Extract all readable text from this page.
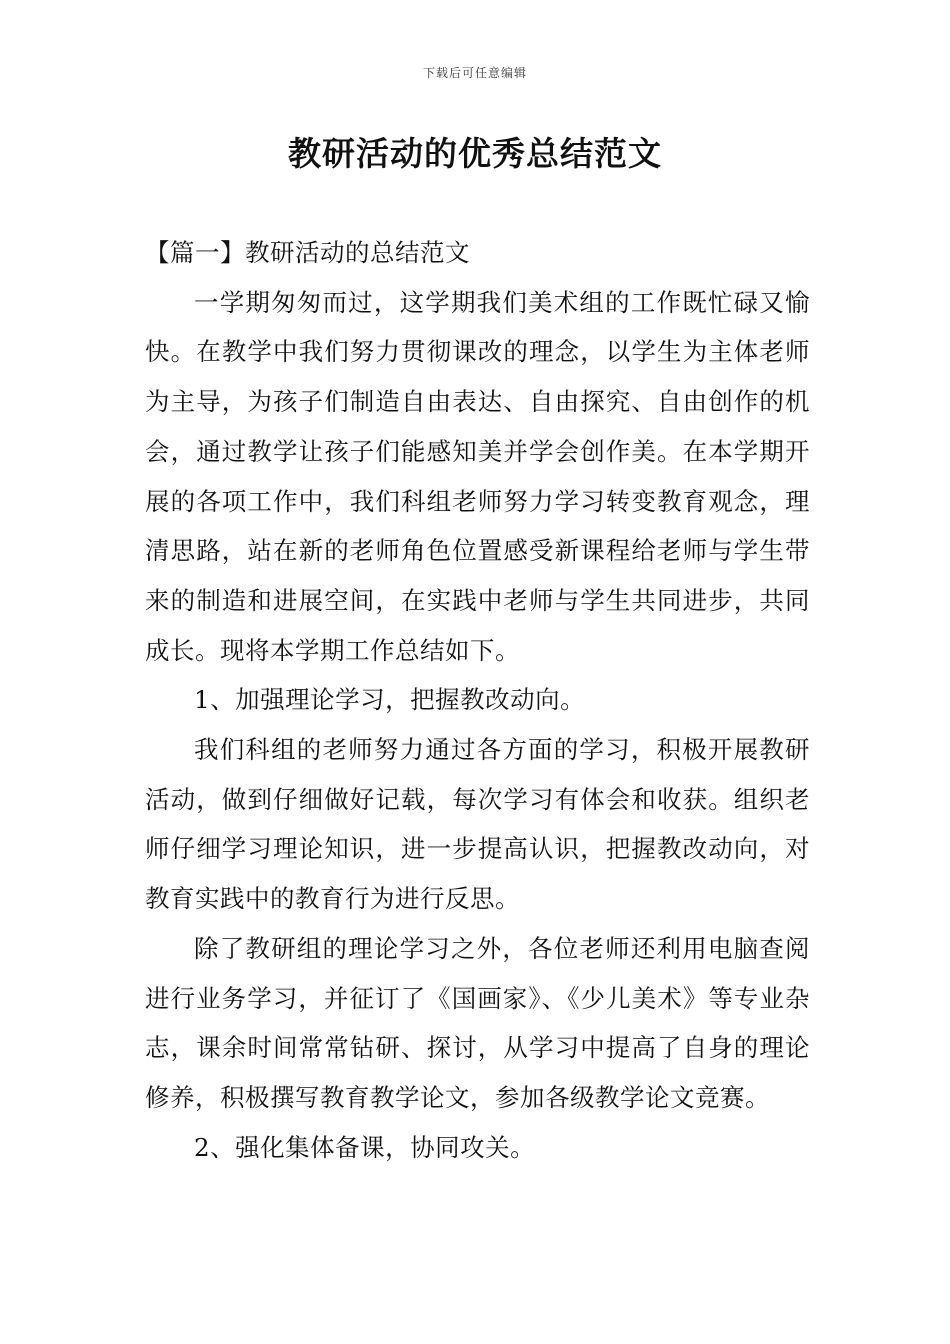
下载后可任意编辑
教研活动的优秀总结范文

【篇一】教研活动的总结范文

一学期匆匆而过，这学期我们美术组的工作既忙碌又愉快。在教学中我们努力贯彻课改的理念，以学生为主体老师为主导，为孩子们制造自由表达、自由探究、自由创作的机会，通过教学让孩子们能感知美并学会创作美。在本学期开展的各项工作中，我们科组老师努力学习转变教育观念，理清思路，站在新的老师角色位置感受新课程给老师与学生带来的制造和进展空间，在实践中老师与学生共同进步，共同成长。现将本学期工作总结如下。

1、加强理论学习，把握教改动向。

我们科组的老师努力通过各方面的学习，积极开展教研活动，做到仔细做好记载，每次学习有体会和收获。组织老师仔细学习理论知识，进一步提高认识，把握教改动向，对教育实践中的教育行为进行反思。

除了教研组的理论学习之外，各位老师还利用电脑查阅进行业务学习，并征订了《国画家》、《少儿美术》等专业杂志，课余时间常常钻研、探讨，从学习中提高了自身的理论修养，积极撰写教育教学论文，参加各级教学论文竞赛。

2、强化集体备课，协同攻关。
